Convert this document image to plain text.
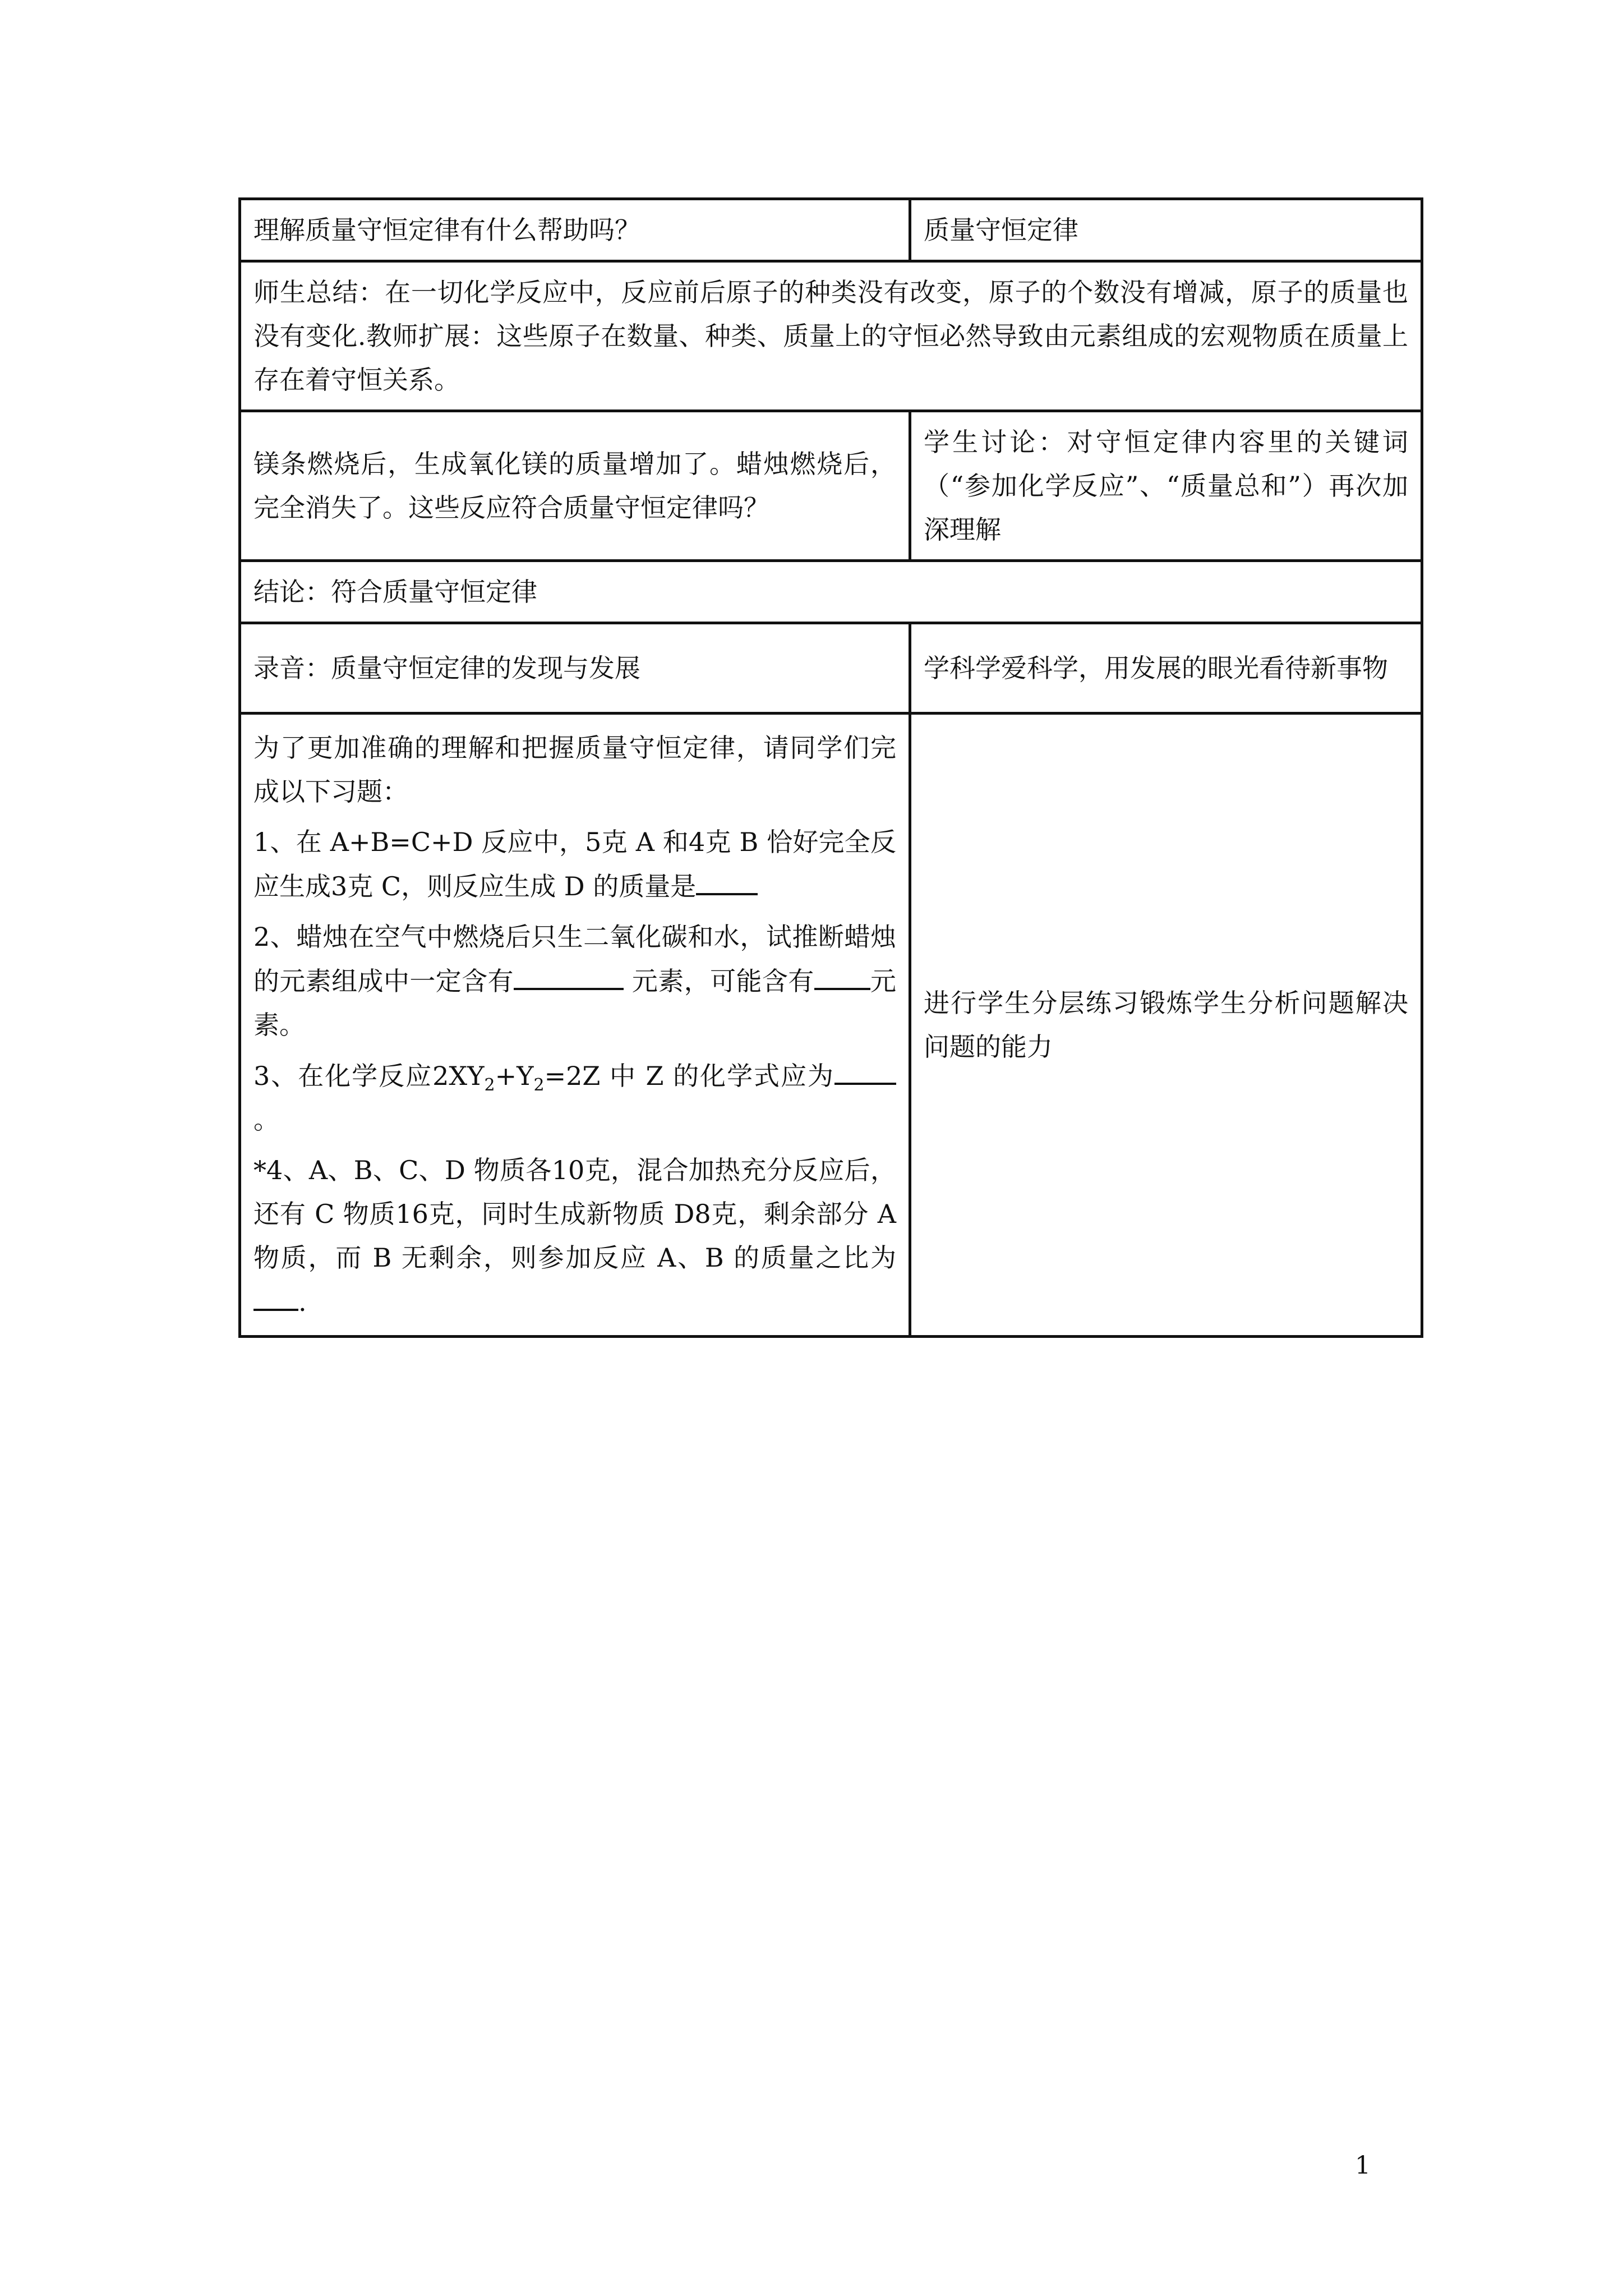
理解质量守恒定律有什么帮助吗？	质量守恒定律
师生总结：在一切化学反应中，反应前后原子的种类没有改变，原子的个数没有增减，原子的质量也没有变化.教师扩展：这些原子在数量、种类、质量上的守恒必然导致由元素组成的宏观物质在质量上存在着守恒关系。	
镁条燃烧后，生成氧化镁的质量增加了。蜡烛燃烧后，完全消失了。这些反应符合质量守恒定律吗？	学生讨论：对守恒定律内容里的关键词（“参加化学反应”、“质量总和”）再次加深理解
结论：符合质量守恒定律	
录音：质量守恒定律的发现与发展	学科学爱科学，用发展的眼光看待新事物

为了更加准确的理解和把握质量守恒定律，请同学们完成以下习题：

1、在 A+B=C+D 反应中，5克 A 和4克 B 恰好完全反应生成3克 C，则反应生成 D 的质量是

2、蜡烛在空气中燃烧后只生二氧化碳和水，试推断蜡烛的元素组成中一定含有 元素，可能含有 元素。

3、在化学反应$2XY_2+Y_2=2Z$ 中 Z 的化学式应为。

*4、A、B、C、D 物质各10克，混合加热充分反应后，还有 C 物质16克，同时生成新物质 D8克，剩余部分 A 物质，而 B 无剩余，则参加反应 A、B 的质量之比为.	进行学生分层练习锻炼学生分析问题解决问题的能力
1
